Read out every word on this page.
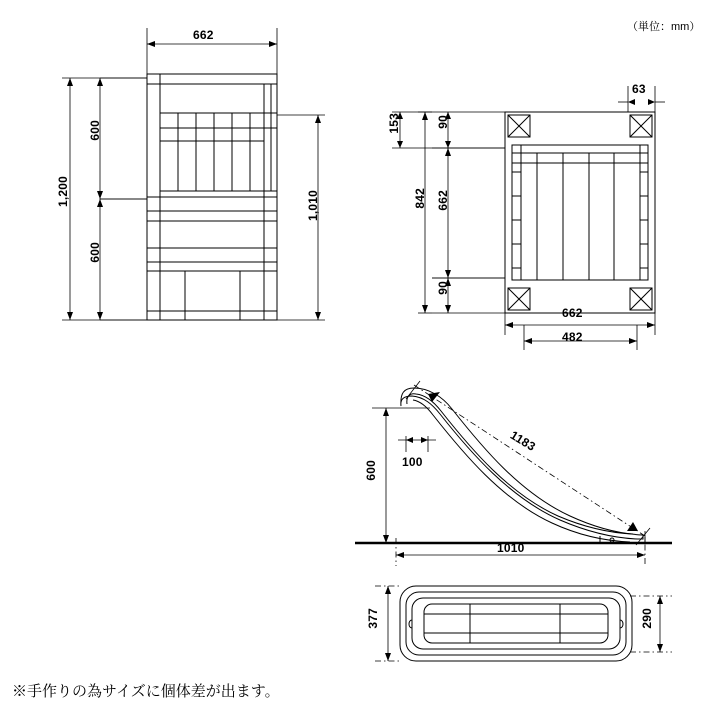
（単位：mm）
662
1,200
600
600
1,010
153	90
662
90
842
63
662
482
600 100
1183
1010
377	290
※手作りの為サイズに個体差が出ます。
